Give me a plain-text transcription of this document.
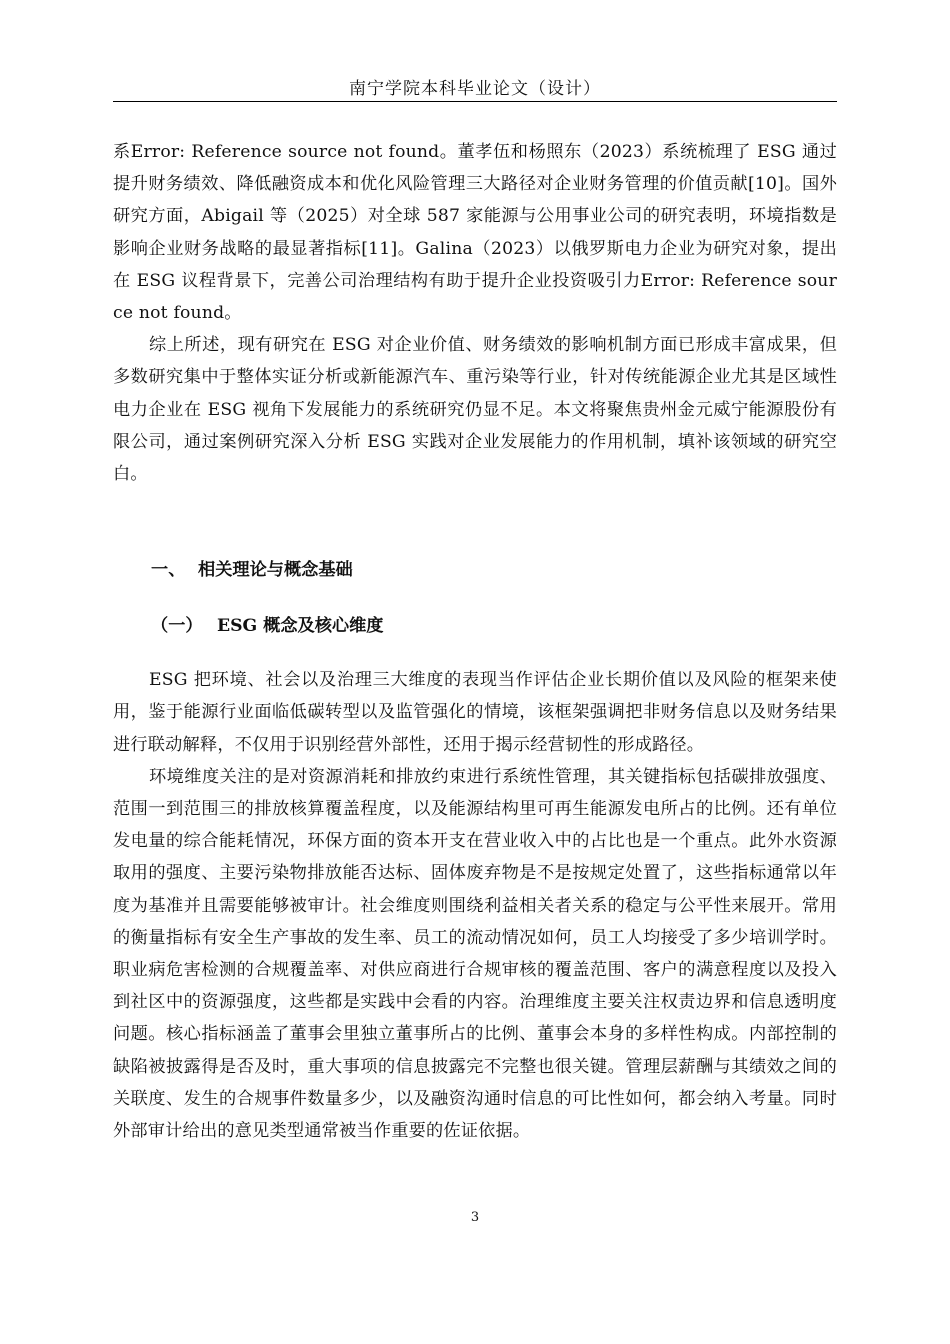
南宁学院本科毕业论文（设计）

系Error: Reference source not found。董孝伍和杨照东（2023）系统梳理了 ESG 通过提升财务绩效、降低融资成本和优化风险管理三大路径对企业财务管理的价值贡献[10]。国外研究方面，Abigail 等（2025）对全球 587 家能源与公用事业公司的研究表明，环境指数是影响企业财务战略的最显著指标[11]。Galina（2023）以俄罗斯电力企业为研究对象，提出在 ESG 议程背景下，完善公司治理结构有助于提升企业投资吸引力Error: Reference source not found。

综上所述，现有研究在 ESG 对企业价值、财务绩效的影响机制方面已形成丰富成果，但多数研究集中于整体实证分析或新能源汽车、重污染等行业，针对传统能源企业尤其是区域性电力企业在 ESG 视角下发展能力的系统研究仍显不足。本文将聚焦贵州金元威宁能源股份有限公司，通过案例研究深入分析 ESG 实践对企业发展能力的作用机制，填补该领域的研究空白。

一、 相关理论与概念基础
（一） ESG 概念及核心维度

ESG 把环境、社会以及治理三大维度的表现当作评估企业长期价值以及风险的框架来使用，鉴于能源行业面临低碳转型以及监管强化的情境，该框架强调把非财务信息以及财务结果进行联动解释，不仅用于识别经营外部性，还用于揭示经营韧性的形成路径。

环境维度关注的是对资源消耗和排放约束进行系统性管理，其关键指标包括碳排放强度、范围一到范围三的排放核算覆盖程度，以及能源结构里可再生能源发电所占的比例。还有单位发电量的综合能耗情况，环保方面的资本开支在营业收入中的占比也是一个重点。此外水资源取用的强度、主要污染物排放能否达标、固体废弃物是不是按规定处置了，这些指标通常以年度为基准并且需要能够被审计。社会维度则围绕利益相关者关系的稳定与公平性来展开。常用的衡量指标有安全生产事故的发生率、员工的流动情况如何，员工人均接受了多少培训学时。职业病危害检测的合规覆盖率、对供应商进行合规审核的覆盖范围、客户的满意程度以及投入到社区中的资源强度，这些都是实践中会看的内容。治理维度主要关注权责边界和信息透明度问题。核心指标涵盖了董事会里独立董事所占的比例、董事会本身的多样性构成。内部控制的缺陷被披露得是否及时，重大事项的信息披露完不完整也很关键。管理层薪酬与其绩效之间的关联度、发生的合规事件数量多少，以及融资沟通时信息的可比性如何，都会纳入考量。同时外部审计给出的意见类型通常被当作重要的佐证依据。

3
